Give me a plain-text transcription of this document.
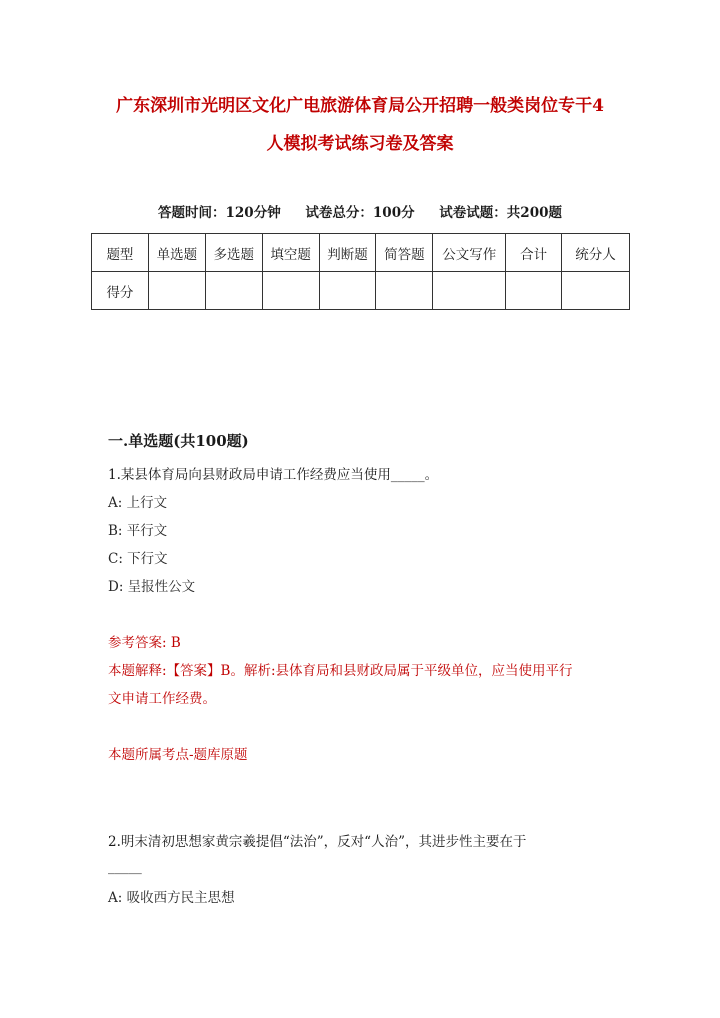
广东深圳市光明区文化广电旅游体育局公开招聘一般类岗位专干4
人模拟考试练习卷及答案
答题时间：120分钟 试卷总分：100分 试卷试题：共200题
题型	单选题	多选题	填空题	判断题	简答题	公文写作	合计	统分人
得分								
一.单选题(共100题)
1.某县体育局向县财政局申请工作经费应当使用_____。
A: 上行文
B: 平行文
C: 下行文
D: 呈报性公文
参考答案: B
本题解释:【答案】B。解析:县体育局和县财政局属于平级单位，应当使用平行
文申请工作经费。
本题所属考点-题库原题
2.明末清初思想家黄宗羲提倡“法治”，反对“人治”，其进步性主要在于
_____
A: 吸收西方民主思想
